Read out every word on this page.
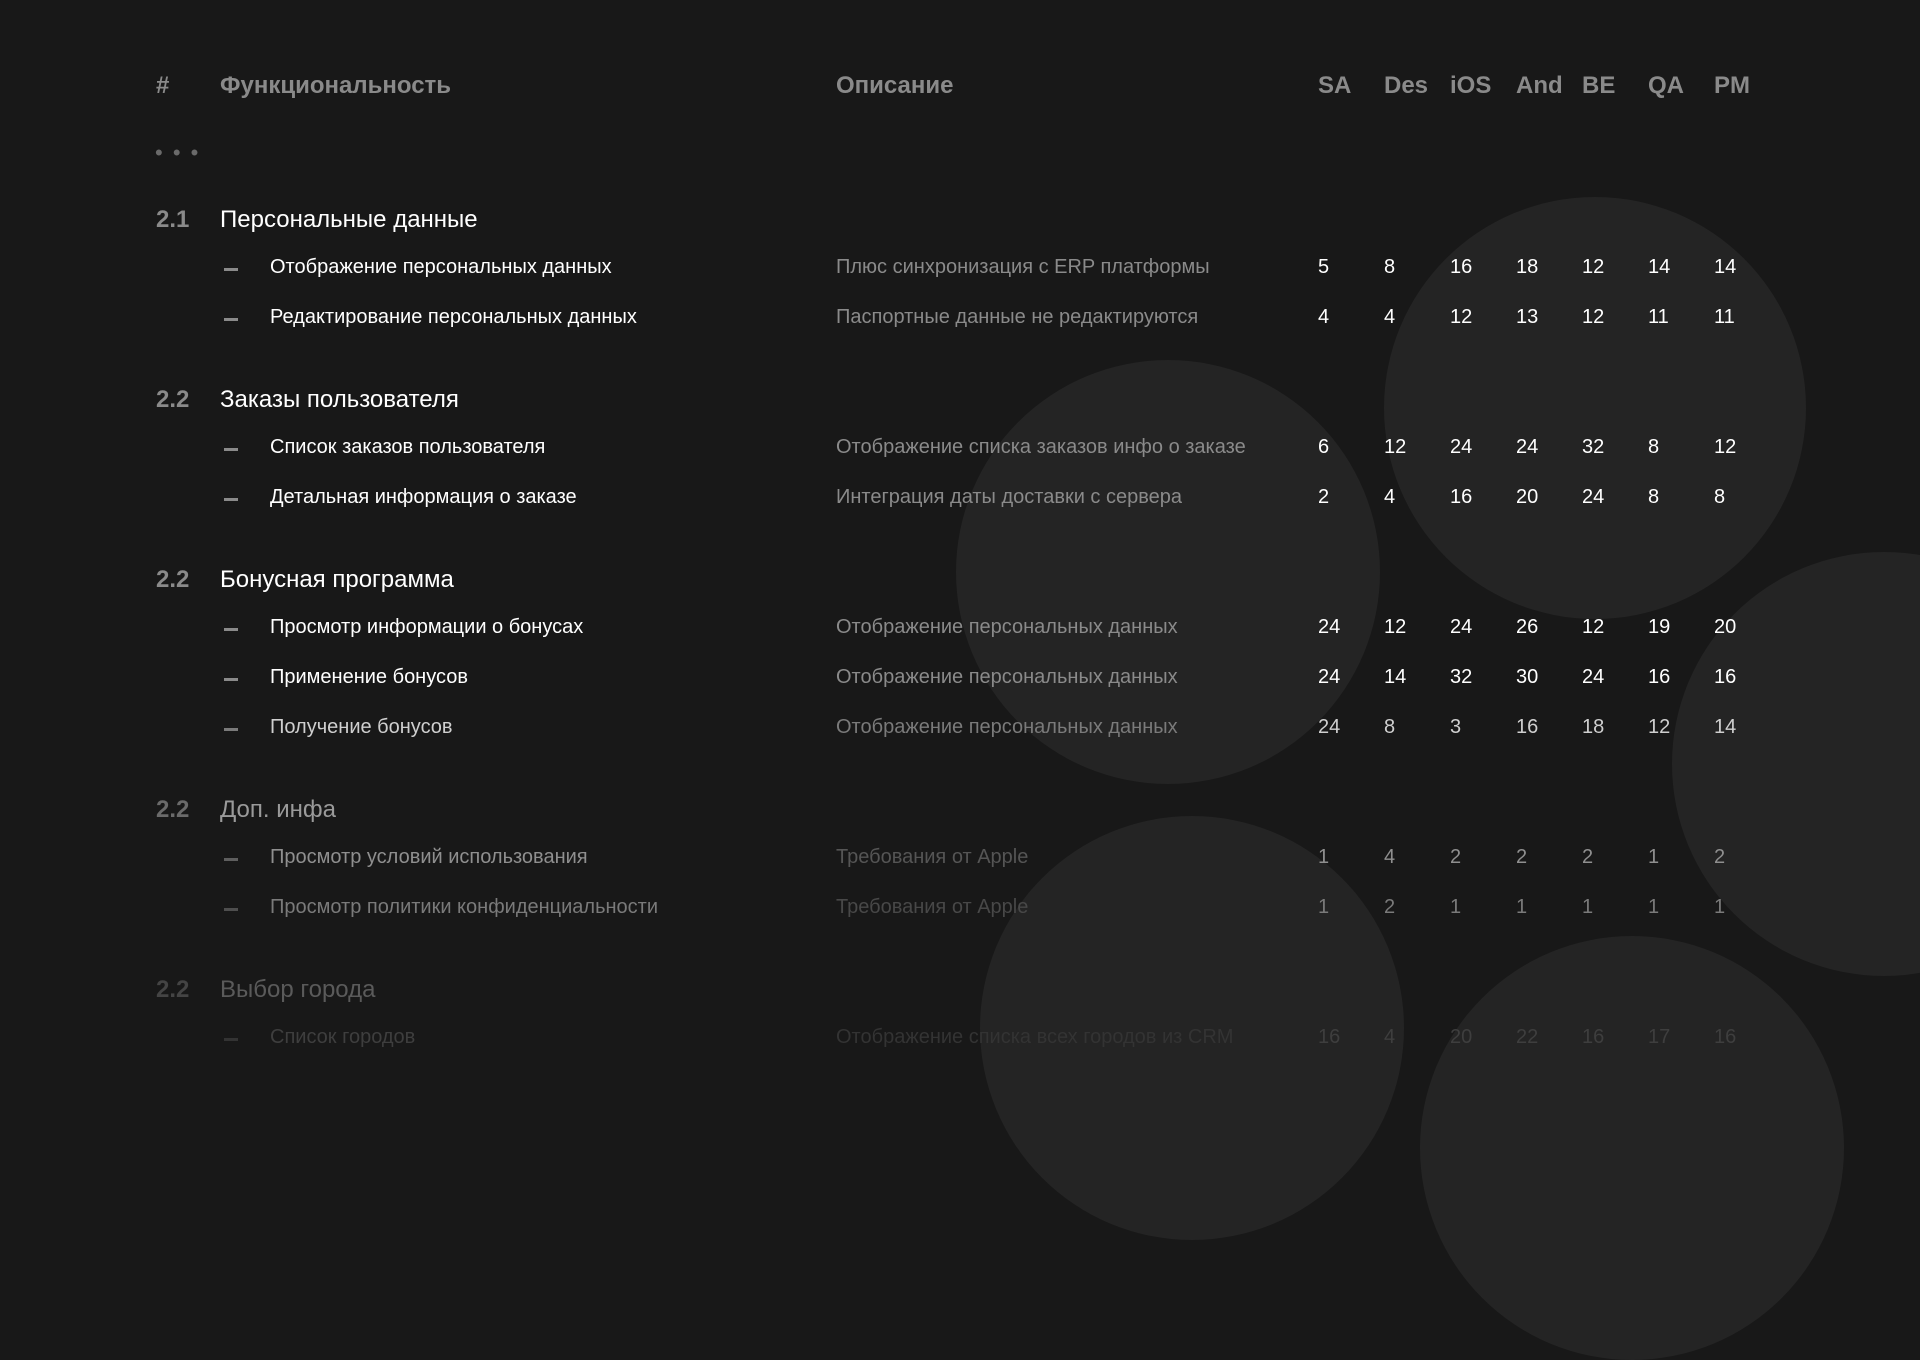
# Функциональность	Описание	SA Des iOS And BE QA PM
• • •
2.1 Персональные данные
Отображение персональных данных	Плюс синхронизация с ERP платформы	5	8	16 18 12 14 14
Редактирование персональных данных	Паспортные данные не редактируются	4	4	12 13 12 11 11
2.2 Заказы пользователя
Список заказов пользователя	Отображение списка заказов инфо о заказе	6	12 24 24 32 8	12
Детальная информация о заказе	Интеграция даты доставки с сервера	2	4	16 20 24 8	8
2.2 Бонусная программа
Просмотр информации о бонусах	Отображение персональных данных	24 12 24 26 12 19 20
Применение бонусов	Отображение персональных данных	24 14 32 30 24 16 16
Получение бонусов	Отображение персональных данных	24 8	3	16 18 12 14
2.2 Доп. инфа
Просмотр условий использования	Требования от Apple	1	4	2	2	2	1	2
Просмотр политики конфиденциальности	Требования от Apple	1	2	1	1	1	1	1
2.2 Выбор города
Список городов	Отображение списка всех городов из CRM	16 4	20 22 16 17 16
